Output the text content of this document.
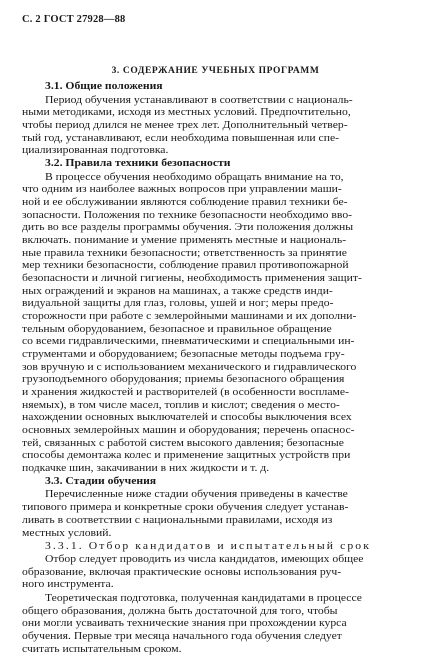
С. 2 ГОСТ 27928—88
3. СОДЕРЖАНИЕ УЧЕБНЫХ ПРОГРАММ
3.1. Общие положения
Период обучения устанавливают в соответствии с националь-
ными методиками, исходя из местных условий. Предпочтительно,
чтобы период длился не менее трех лет. Дополнительный четвер-
тый год, устанавливают, если необходима повышенная или спе-
циализированная подготовка.
3.2. Правила техники безопасности
В процессе обучения необходимо обращать внимание на то,
что одним из наиболее важных вопросов при управлении маши-
ной и ее обслуживании являются соблюдение правил техники бе-
зопасности. Положения по технике безопасности необходимо вво-
дить во все разделы программы обучения. Эти положения должны
включать. понимание и умение применять местные и националь-
ные правила техники безопасности; ответственность за принятие
мер техники безопасности, соблюдение правил противопожарной
безопасности и личной гигиены, необходимость применения защит-
ных ограждений и экранов на машинах, а также средств инди-
видуальной защиты для глаз, головы, ушей и ног; меры предо-
сторожности при работе с землеройными машинами и их дополни-
тельным оборудованием, безопасное и правильное обращение
со всеми гидравлическими, пневматическими и специальными ин-
струментами и оборудованием; безопасные методы подъема гру-
зов вручную и с использованием механического и гидравлического
грузоподъемного оборудования; приемы безопасного обращения
и хранения жидкостей и растворителей (в особенности воспламе-
няемых), в том числе масел, топлив и кислот; сведения о место-
нахождении основных выключателей и способы выключения всех
основных землеройных машин и оборудования; перечень опаснос-
тей, связанных с работой систем высокого давления; безопасные
способы демонтажа колес и применение защитных устройств при
подкачке шин, закачивании в них жидкости и т. д.
3.3. Стадии обучения
Перечисленные ниже стадии обучения приведены в качестве
типового примера и конкретные сроки обучения следует устанав-
ливать в соответствии с национальными правилами, исходя из
местных условий.
3.3.1. Отбор кандидатов и испытательный срок
Отбор следует проводить из числа кандидатов, имеющих общее
образование, включая практические основы использования руч-
ного инструмента.
Теоретическая подготовка, полученная кандидатами в процессе
общего образования, должна быть достаточной для того, чтобы
они могли усваивать технические знания при прохождении курса
обучения. Первые три месяца начального года обучения следует
считать испытательным сроком.
